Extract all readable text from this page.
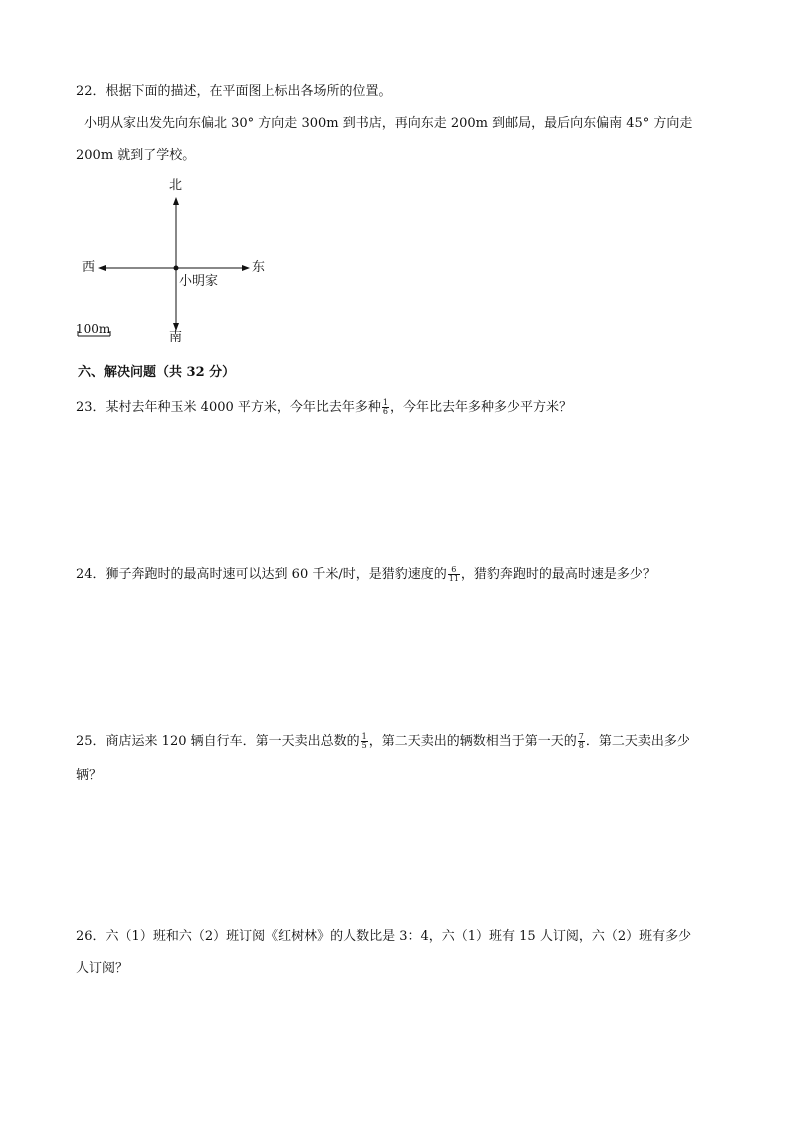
22．根据下面的描述，在平面图上标出各场所的位置。
小明从家出发先向东偏北 30° 方向走 300m 到书店，再向东走 200m 到邮局，最后向东偏南 45° 方向走
200m 就到了学校。
北
南
东
西
小明家
100m
六、解决问题（共 32 分）
23．某村去年种玉米 4000 平方米，今年比去年多种 $\frac{1}{6}$ ，今年比去年多种多少平方米？
24．狮子奔跑时的最高时速可以达到 60 千米/时，是猎豹速度的 $\frac{6}{11}$ ，猎豹奔跑时的最高时速是多少？
25．商店运来 120 辆自行车．第一天卖出总数的 $\frac{1}{5}$ ，第二天卖出的辆数相当于第一天的 $\frac{7}{8}$ ．第二天卖出多少
辆？
26．六（1）班和六（2）班订阅《红树林》的人数比是 3：4，六（1）班有 15 人订阅，六（2）班有多少
人订阅？
